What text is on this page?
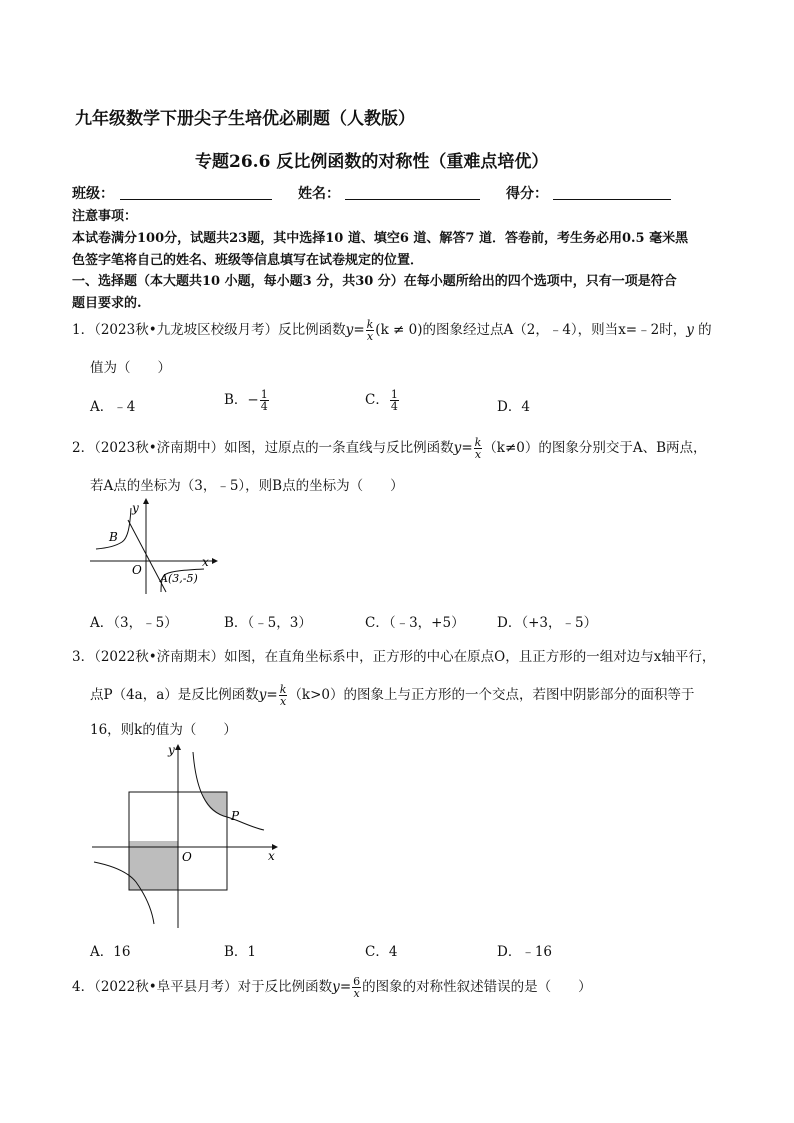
九年级数学下册尖子生培优必刷题（人教版）
专题26.6 反比例函数的对称性（重难点培优）
班级：	姓名：	得分：
注意事项：
本试卷满分100分，试题共23题，其中选择10 道、填空6 道、解答7 道．答卷前，考生务必用0.5 毫米黑
色签字笔将自己的姓名、班级等信息填写在试卷规定的位置．
一、选择题（本大题共10 小题，每小题3 分，共30 分）在每小题所给出的四个选项中，只有一项是符合
题目要求的.
1．（2023秋•九龙坡区校级月考）反比例函数$y= \frac{k}{x} (k \ne 0)$的图象经过点A（2，﹣4），则当x=﹣2时，y 的
值为（　　）
A．﹣4	B．− $\frac{1}{4}$	C． $\frac{1}{4}$	D．4
2．（2023秋•济南期中）如图，过原点的一条直线与反比例函数$y= \frac{k}{x} (k\ne 0)$的图象分别交于A、B两点，
若A点的坐标为（3，﹣5），则B点的坐标为（　　）
B
y
x
O
A(3,-5)
A．（3，﹣5）	B．（﹣5，3）	C．（﹣3，+5） D．（+3，﹣5）
3．（2022秋•济南期末）如图，在直角坐标系中，正方形的中心在原点O，且正方形的一组对边与x轴平行，
点P（4a，a）是反比例函数$y= \frac{k}{x} (k>0)$的图象上与正方形的一个交点，若图中阴影部分的面积等于
16，则k的值为（　　）
y
x
O
P
A．16	B．1	C．4	D．﹣16
4．（2022秋•阜平县月考）对于反比例函数$y= \frac{6}{x}$ 的图象的对称性叙述错误的是（　　）
